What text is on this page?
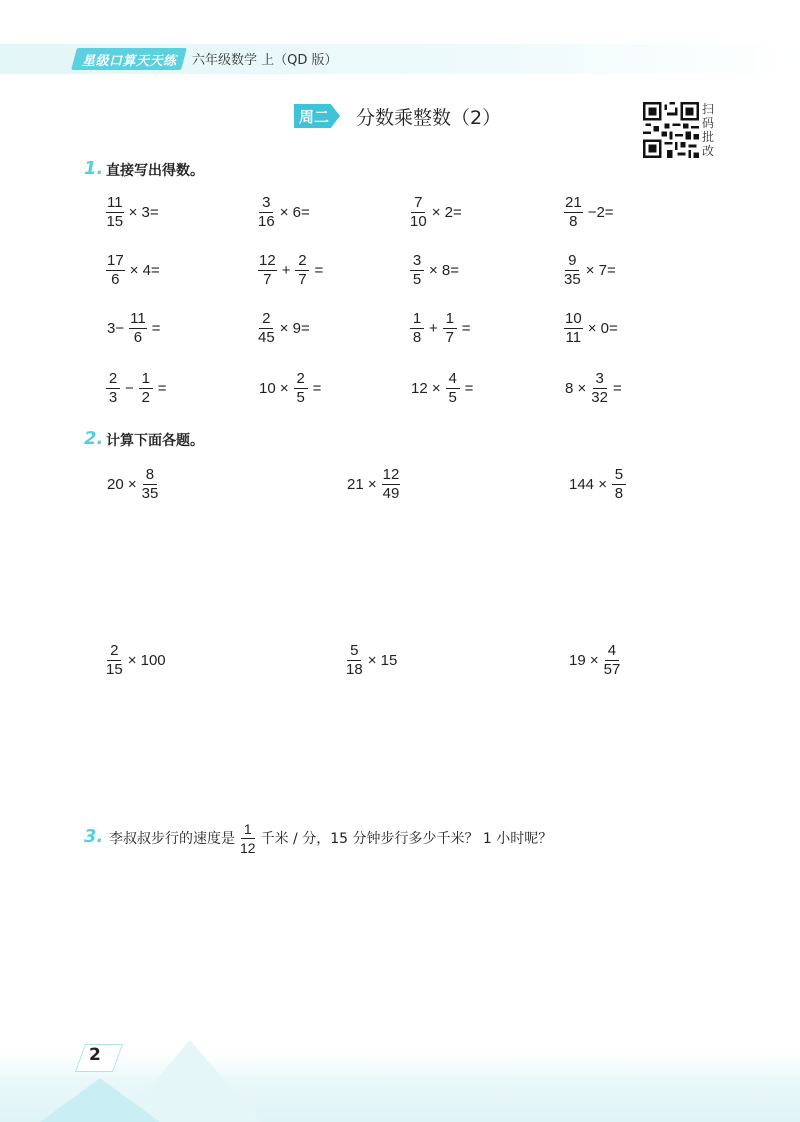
星级口算天天练 六年级数学 上（QD 版）
周二 分数乘整数（2）	扫
码
批
改
1. 直接写出得数。
$\frac{11}{15} \times 3=$	$\frac{3}{16} \times 6=$	$\frac{7}{10} \times 2=$	$\frac{21}{8} -2=$
$\frac{17}{6} \times 4=$	$\frac{12}{7} + \frac{2}{7}$ =	$\frac{3}{5} \times 8=$	$\frac{9}{35} \times 7=$
$3- \frac{11}{6}$ =	$\frac{2}{45} \times 9=$	$\frac{1}{8} + \frac{1}{7}$ =	$\frac{10}{11} \times 0=$
$\frac{2}{3} - \frac{1}{2}$ =	$10 \times \frac{2}{5}$ =	$12 \times \frac{4}{5}$ =	$8 \times \frac{3}{32}$ =
2. 计算下面各题。
$20 \times \frac{8}{35}$	$21 \times \frac{12}{49}$	$144 \times \frac{5}{8}$
$\frac{2}{15} \times 100$	$\frac{5}{18} \times 15$	$19 \times \frac{4}{57}$
3. 李叔叔步行的速度是 $\frac{1}{12}$ 千米 / 分，15 分钟步行多少千米？ 1 小时呢？
2
